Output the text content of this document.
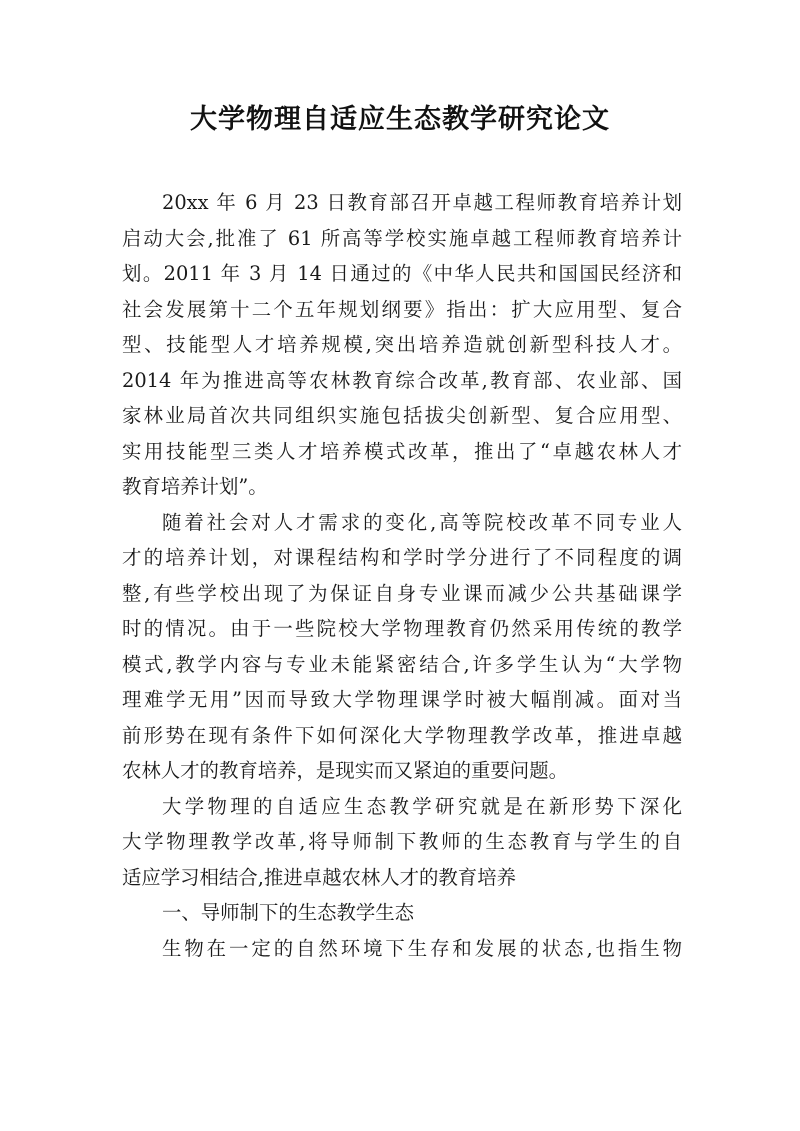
大学物理自适应生态教学研究论文
20xx 年 6 月 23 日教育部召开卓越工程师教育培养计划
启动大会,批准了 61 所高等学校实施卓越工程师教育培养计
划。2011 年 3 月 14 日通过的《中华人民共和国国民经济和
社会发展第十二个五年规划纲要》指出：扩大应用型、复合
型、技能型人才培养规模,突出培养造就创新型科技人才。
2014 年为推进高等农林教育综合改革,教育部、农业部、国
家林业局首次共同组织实施包括拔尖创新型、复合应用型、
实用技能型三类人才培养模式改革，推出了“卓越农林人才
教育培养计划”。
随着社会对人才需求的变化,高等院校改革不同专业人
才的培养计划，对课程结构和学时学分进行了不同程度的调
整,有些学校出现了为保证自身专业课而减少公共基础课学
时的情况。由于一些院校大学物理教育仍然采用传统的教学
模式,教学内容与专业未能紧密结合,许多学生认为“大学物
理难学无用”因而导致大学物理课学时被大幅削减。面对当
前形势在现有条件下如何深化大学物理教学改革，推进卓越
农林人才的教育培养，是现实而又紧迫的重要问题。
大学物理的自适应生态教学研究就是在新形势下深化
大学物理教学改革,将导师制下教师的生态教育与学生的自
适应学习相结合,推进卓越农林人才的教育培养
一、导师制下的生态教学生态
生物在一定的自然环境下生存和发展的状态,也指生物
